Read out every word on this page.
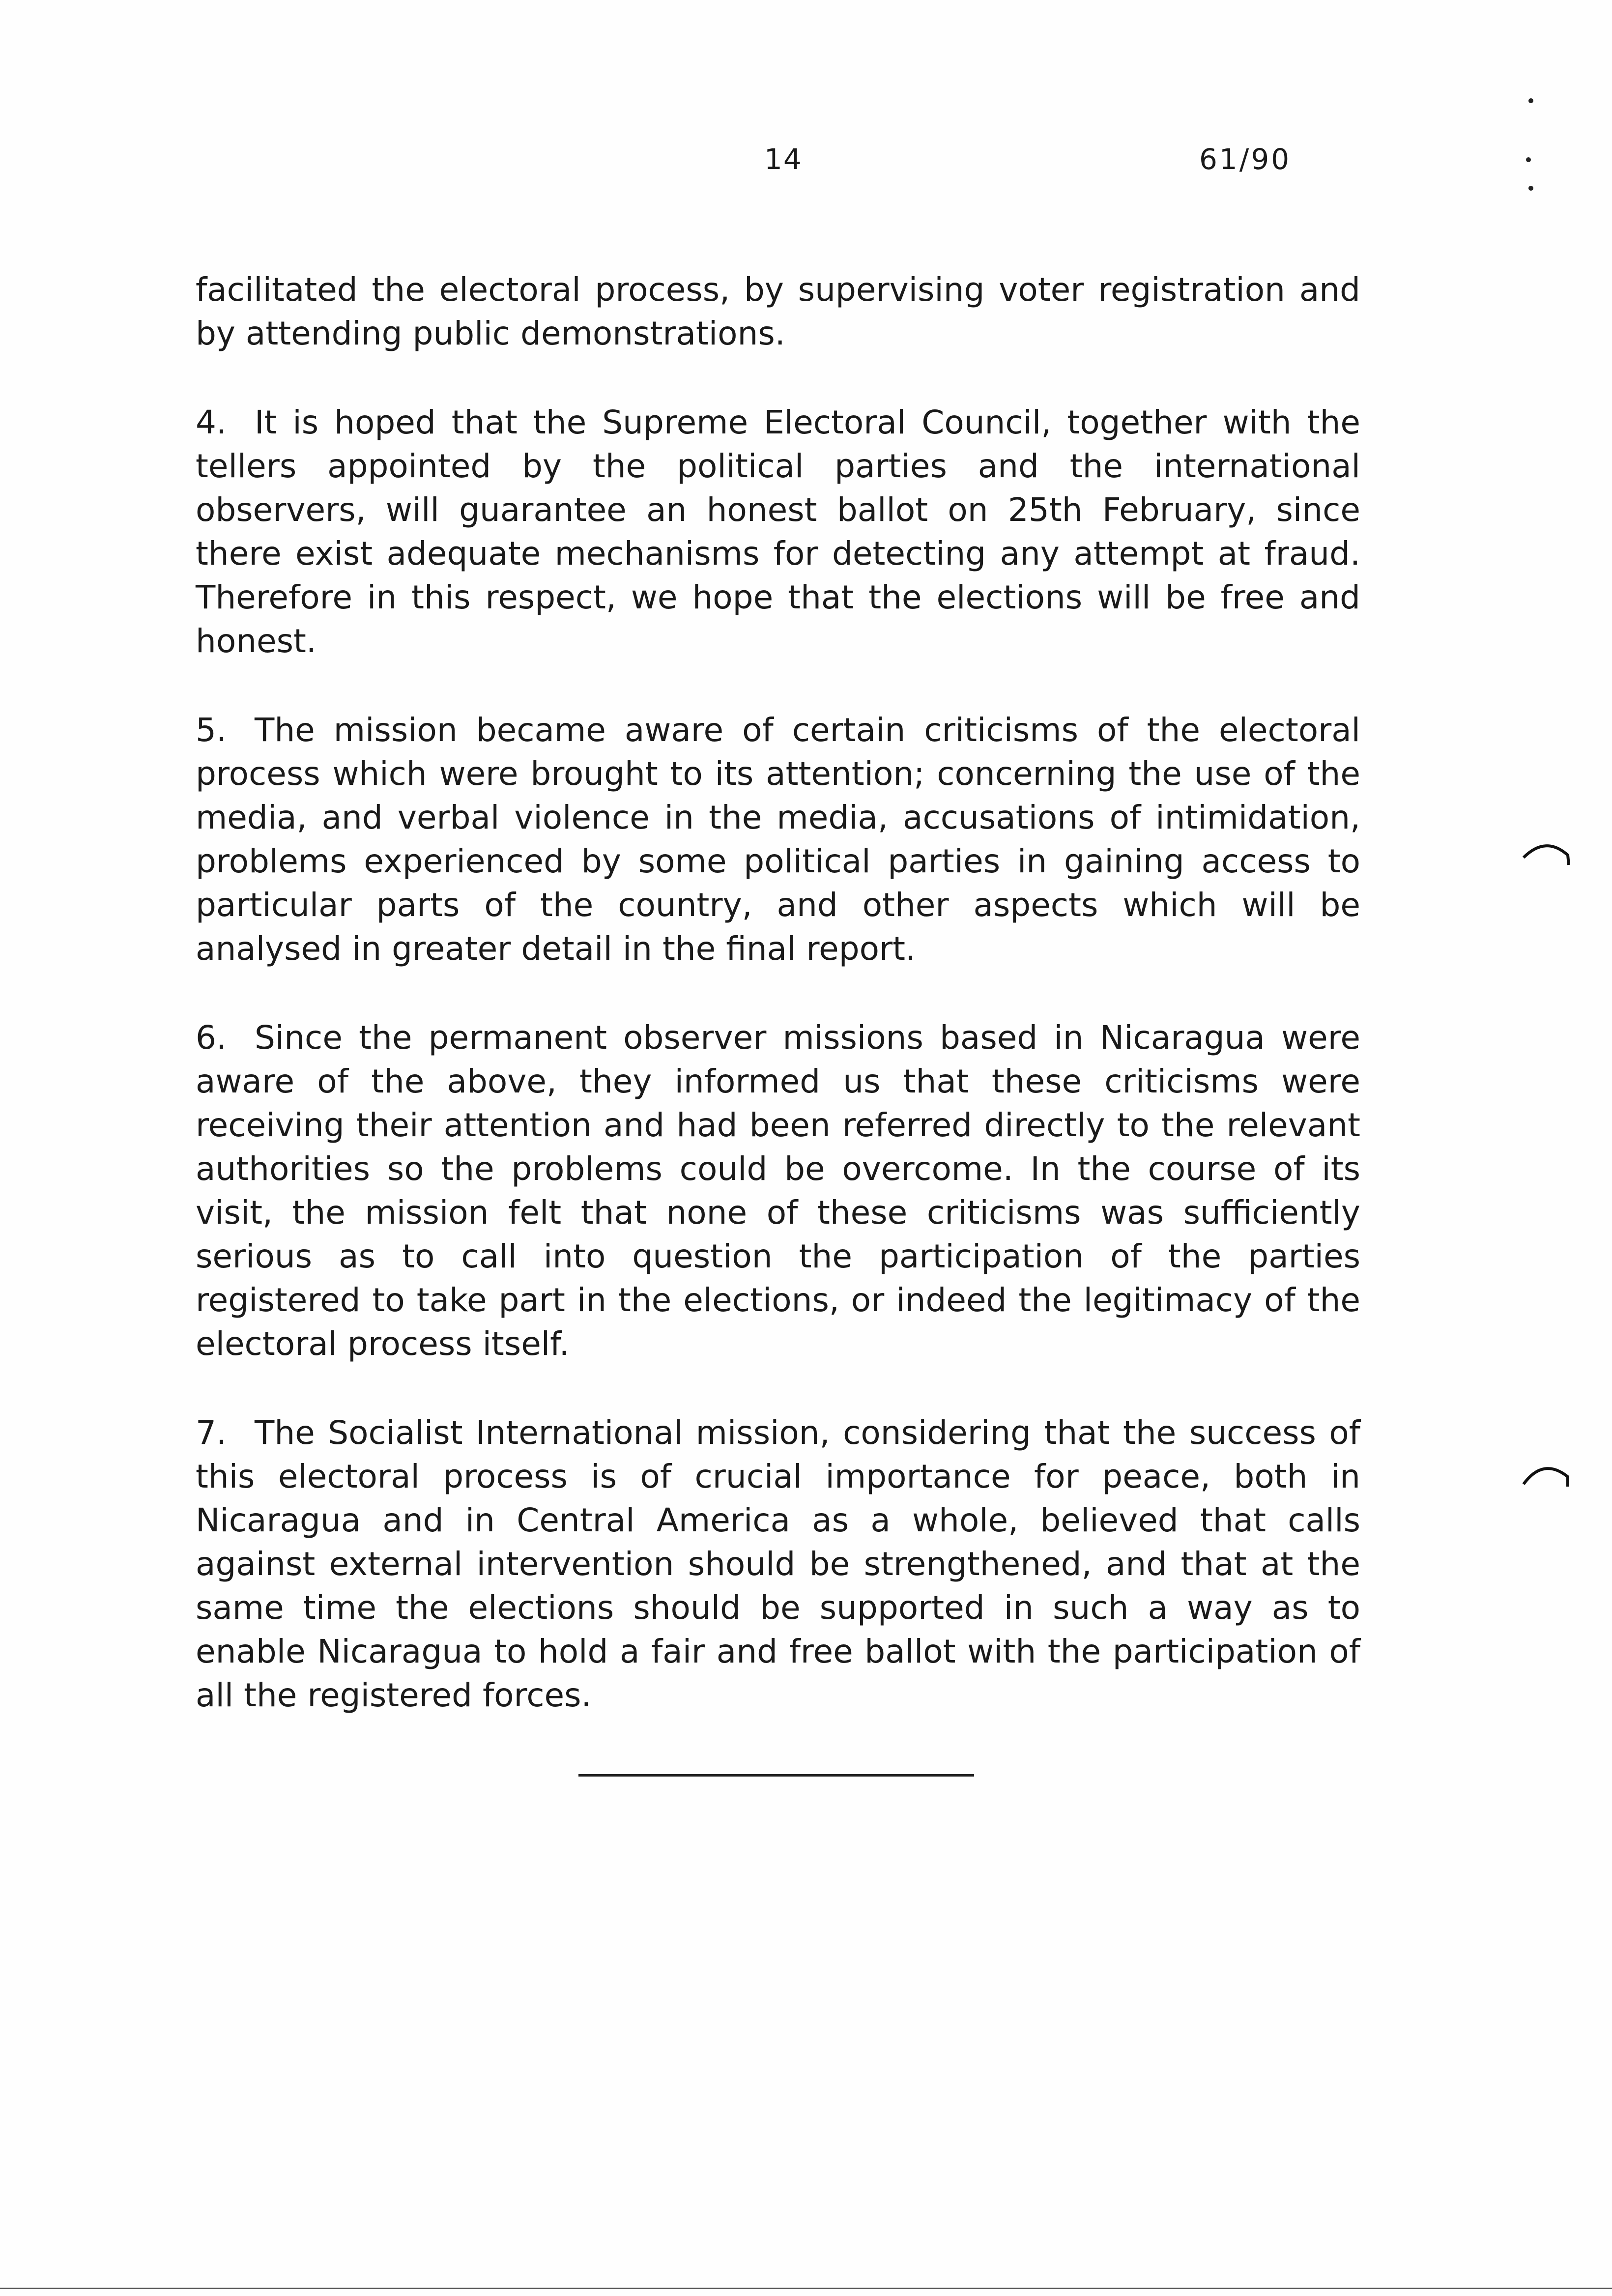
14	61/90

facilitated the electoral process, by supervising voter registration and by attending public demonstrations.

4. It is hoped that the Supreme Electoral Council, together with the tellers appointed by the political parties and the international observers, will guarantee an honest ballot on 25th February, since there exist adequate mechanisms for detecting any attempt at fraud. Therefore in this respect, we hope that the elections will be free and honest.

5. The mission became aware of certain criticisms of the electoral process which were brought to its attention; concerning the use of the media, and verbal violence in the media, accusations of intimidation, problems experienced by some political parties in gaining access to particular parts of the country, and other aspects which will be analysed in greater detail in the final report.

6. Since the permanent observer missions based in Nicaragua were aware of the above, they informed us that these criticisms were receiving their attention and had been referred directly to the relevant authorities so the problems could be overcome. In the course of its visit, the mission felt that none of these criticisms was sufficiently serious as to call into question the participation of the parties registered to take part in the elections, or indeed the legitimacy of the electoral process itself.

7. The Socialist International mission, considering that the success of this electoral process is of crucial importance for peace, both in Nicaragua and in Central America as a whole, believed that calls against external intervention should be strengthened, and that at the same time the elections should be supported in such a way as to enable Nicaragua to hold a fair and free ballot with the participation of all the registered forces.
